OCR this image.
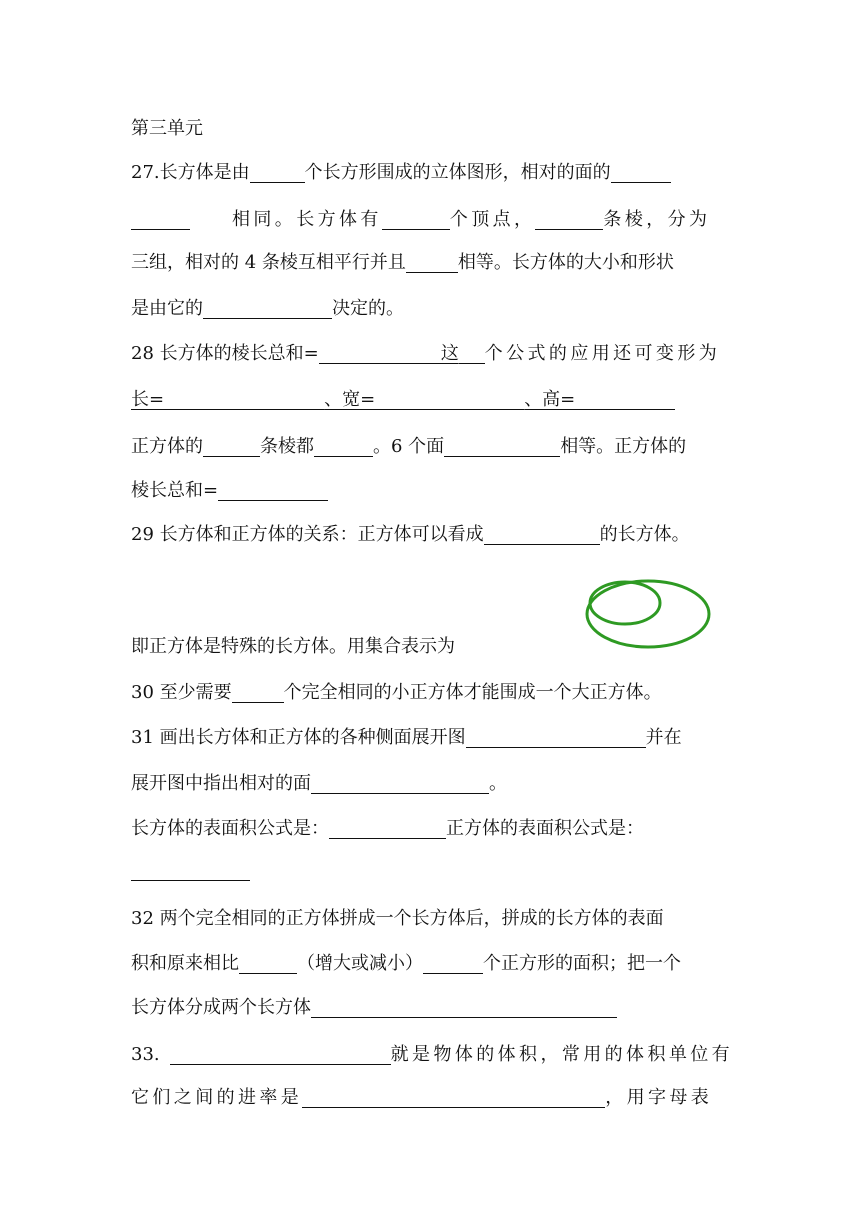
第三单元
27.长方体是由	个长方形围成的立体图形，相对的面的
相同。长方体有	个顶点，	条棱，分为
三组，相对的 4 条棱互相平行并且	相等。长方体的大小和形状
是由它的	决定的。
28 长方体的棱长总和=	这 个公式的应用还可变形为
长=	、宽=	、高=
正方体的	条棱都	。6 个面	相等。正方体的
棱长总和=
29 长方体和正方体的关系：正方体可以看成	的长方体。
即正方体是特殊的长方体。用集合表示为
30 至少需要	个完全相同的小正方体才能围成一个大正方体。
31 画出长方体和正方体的各种侧面展开图	并在
展开图中指出相对的面	。
长方体的表面积公式是：	正方体的表面积公式是：
32 两个完全相同的正方体拼成一个长方体后，拼成的长方体的表面
积和原来相比	（增大或减小）	个正方形的面积；把一个
长方体分成两个长方体
33.	就是物体的体积，常用的体积单位有
它们之间的进率是	，用字母表
